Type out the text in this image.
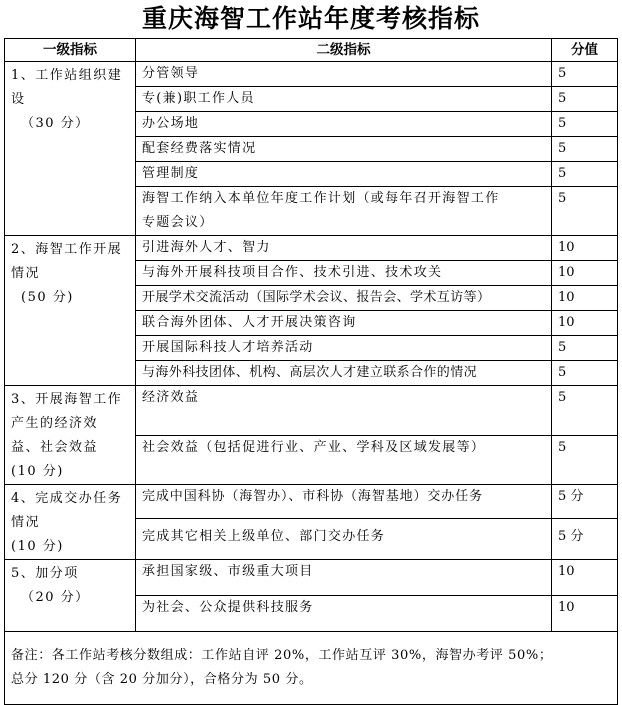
重庆海智工作站年度考核指标
一级指标	二级指标	分值

1、工作站组织建
设
（30 分）	分管领导	5
	专(兼)职工作人员	5
	办公场地	5
	配套经费落实情况	5
	管理制度	5

	海智工作纳入本单位年度工作计划（或每年召开海智工作
专题会议）	5

2、海智工作开展
情况
(50 分)	引进海外人才、智力	10
	与海外开展科技项目合作、技术引进、技术攻关	10
	开展学术交流活动（国际学术会议、报告会、学术互访等）	10
	联合海外团体、人才开展决策咨询	10
	开展国际科技人才培养活动	5
	与海外科技团体、机构、高层次人才建立联系合作的情况	5

3、开展海智工作
产生的经济效
益、社会效益
(10 分)	经济效益	5
	社会效益（包括促进行业、产业、学科及区域发展等）	5

4、完成交办任务
情况
(10 分)	完成中国科协（海智办）、市科协（海智基地）交办任务	5 分
	完成其它相关上级单位、部门交办任务	5 分

5、加分项
（20 分）	承担国家级、市级重大项目	10
	为社会、公众提供科技服务	10

备注：各工作站考核分数组成：工作站自评 20%，工作站互评 30%，海智办考评 50%；
总分 120 分（含 20 分加分），合格分为 50 分。		
